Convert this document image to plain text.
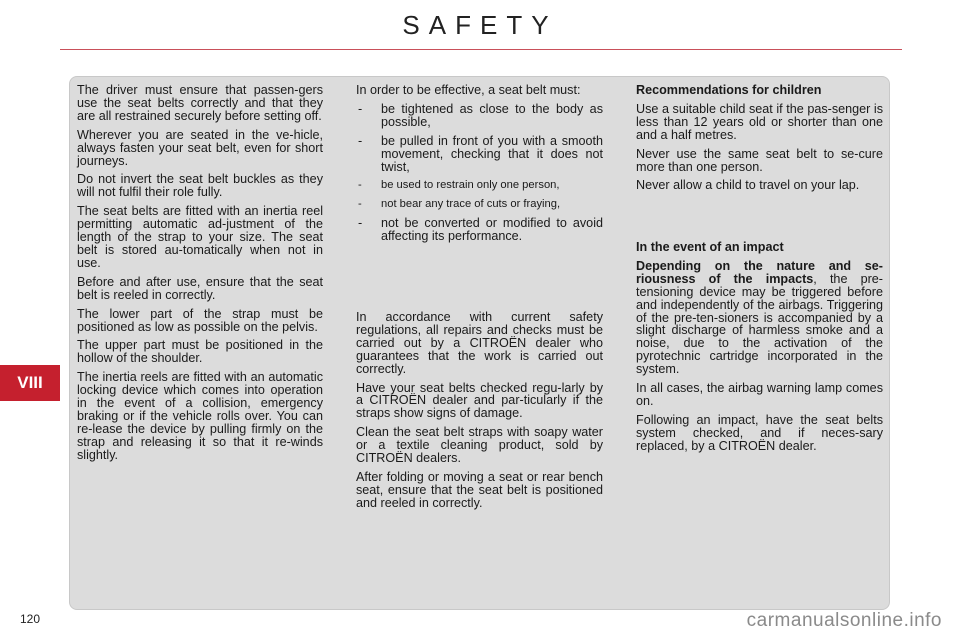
SAFETY

The driver must ensure that passen-gers use the seat belts correctly and that they are all restrained securely before setting off.

Wherever you are seated in the ve-hicle, always fasten your seat belt, even for short journeys.

Do not invert the seat belt buckles as they will not fulfil their role fully.

The seat belts are fitted with an inertia reel permitting automatic ad-justment of the length of the strap to your size. The seat belt is stored au-tomatically when not in use.

Before and after use, ensure that the seat belt is reeled in correctly.

The lower part of the strap must be positioned as low as possible on the pelvis.

The upper part must be positioned in the hollow of the shoulder.

The inertia reels are fitted with an automatic locking device which comes into operation in the event of a collision, emergency braking or if the vehicle rolls over. You can re-lease the device by pulling firmly on the strap and releasing it so that it re-winds slightly.

In order to be effective, a seat belt must:

- be tightened as close to the body as possible,
- be pulled in front of you with a smooth movement, checking that it does not twist,
- be used to restrain only one person,
- not bear any trace of cuts or fraying,
- not be converted or modified to avoid affecting its performance.

In accordance with current safety regulations, all repairs and checks must be carried out by a CITROËN dealer who guarantees that the work is carried out correctly.

Have your seat belts checked regu-larly by a CITROËN dealer and par-ticularly if the straps show signs of damage.

Clean the seat belt straps with soapy water or a textile cleaning product, sold by CITROËN dealers.

After folding or moving a seat or rear bench seat, ensure that the seat belt is positioned and reeled in correctly.

Recommendations for children

Use a suitable child seat if the pas-senger is less than 12 years old or shorter than one and a half metres.

Never use the same seat belt to se-cure more than one person.

Never allow a child to travel on your lap.

In the event of an impact

Depending on the nature and se-riousness of the impacts, the pre-tensioning device may be triggered before and independently of the airbags. Triggering of the pre-ten-sioners is accompanied by a slight discharge of harmless smoke and a noise, due to the activation of the pyrotechnic cartridge incorporated in the system.

In all cases, the airbag warning lamp comes on.

Following an impact, have the seat belts system checked, and if neces-sary replaced, by a CITROËN dealer.

VIII
120	carmanualsonline.info
